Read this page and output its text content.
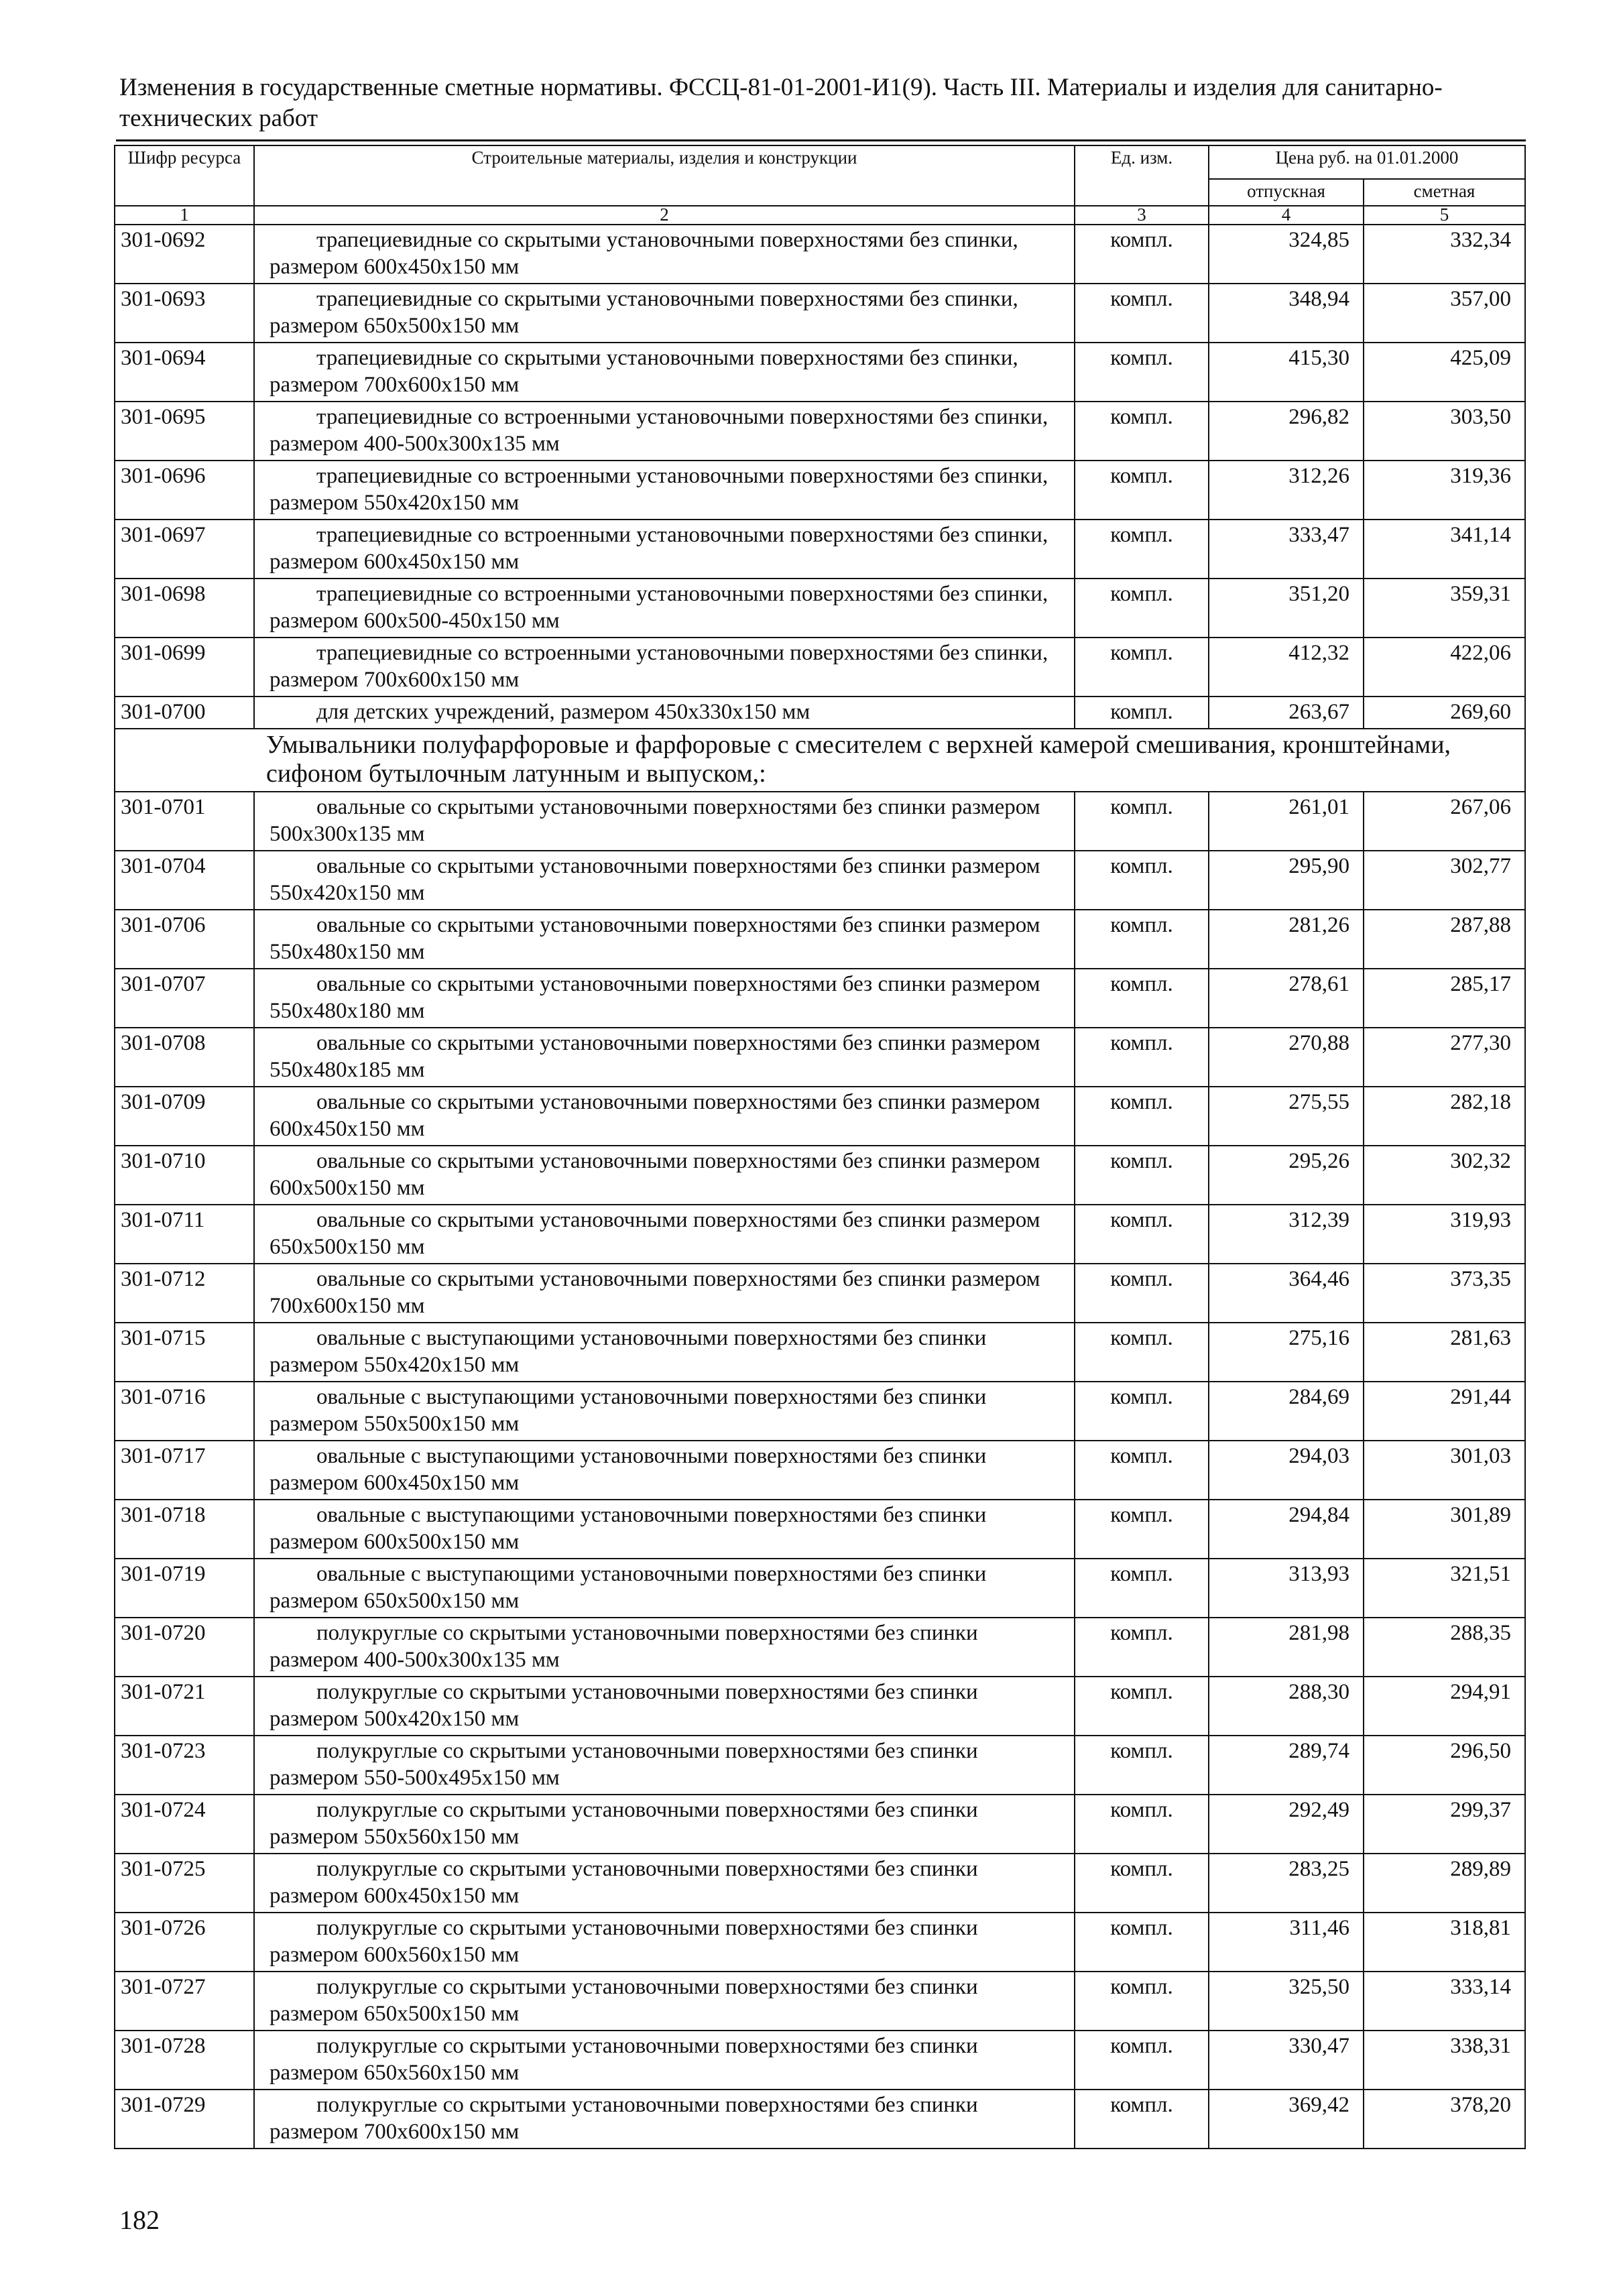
Изменения в государственные сметные нормативы. ФССЦ-81-01-2001-И1(9). Часть III. Материалы и изделия для санитарно-технических работ
Шифр ресурса	Строительные материалы, изделия и конструкции	Ед. изм.	Цена руб. на 01.01.2000	
			отпускная	сметная
1	2	3	4	5
301-0692	трапециевидные со скрытыми установочными поверхностями без спинки, размером 600х450х150 мм	компл.	324,85	332,34
301-0693	трапециевидные со скрытыми установочными поверхностями без спинки, размером 650х500х150 мм	компл.	348,94	357,00
301-0694	трапециевидные со скрытыми установочными поверхностями без спинки, размером 700х600х150 мм	компл.	415,30	425,09
301-0695	трапециевидные со встроенными установочными поверхностями без спинки, размером 400-500х300х135 мм	компл.	296,82	303,50
301-0696	трапециевидные со встроенными установочными поверхностями без спинки, размером 550х420х150 мм	компл.	312,26	319,36
301-0697	трапециевидные со встроенными установочными поверхностями без спинки, размером 600х450х150 мм	компл.	333,47	341,14
301-0698	трапециевидные со встроенными установочными поверхностями без спинки, размером 600х500-450х150 мм	компл.	351,20	359,31
301-0699	трапециевидные со встроенными установочными поверхностями без спинки, размером 700х600х150 мм	компл.	412,32	422,06
301-0700	для детских учреждений, размером 450х330х150 мм	компл.	263,67	269,60
Умывальники полуфарфоровые и фарфоровые с смесителем с верхней камерой смешивания, кронштейнами, сифоном бутылочным латунным и выпуском,:				
301-0701	овальные со скрытыми установочными поверхностями без спинки размером 500х300х135 мм	компл.	261,01	267,06
301-0704	овальные со скрытыми установочными поверхностями без спинки размером 550х420х150 мм	компл.	295,90	302,77
301-0706	овальные со скрытыми установочными поверхностями без спинки размером 550х480х150 мм	компл.	281,26	287,88
301-0707	овальные со скрытыми установочными поверхностями без спинки размером 550х480х180 мм	компл.	278,61	285,17
301-0708	овальные со скрытыми установочными поверхностями без спинки размером 550х480х185 мм	компл.	270,88	277,30
301-0709	овальные со скрытыми установочными поверхностями без спинки размером 600х450х150 мм	компл.	275,55	282,18
301-0710	овальные со скрытыми установочными поверхностями без спинки размером 600х500х150 мм	компл.	295,26	302,32
301-0711	овальные со скрытыми установочными поверхностями без спинки размером 650х500х150 мм	компл.	312,39	319,93
301-0712	овальные со скрытыми установочными поверхностями без спинки размером 700х600х150 мм	компл.	364,46	373,35
301-0715	овальные с выступающими установочными поверхностями без спинки размером 550х420х150 мм	компл.	275,16	281,63
301-0716	овальные с выступающими установочными поверхностями без спинки размером 550х500х150 мм	компл.	284,69	291,44
301-0717	овальные с выступающими установочными поверхностями без спинки размером 600х450х150 мм	компл.	294,03	301,03
301-0718	овальные с выступающими установочными поверхностями без спинки размером 600х500х150 мм	компл.	294,84	301,89
301-0719	овальные с выступающими установочными поверхностями без спинки размером 650х500х150 мм	компл.	313,93	321,51
301-0720	полукруглые со скрытыми установочными поверхностями без спинки размером 400-500х300х135 мм	компл.	281,98	288,35
301-0721	полукруглые со скрытыми установочными поверхностями без спинки размером 500х420х150 мм	компл.	288,30	294,91
301-0723	полукруглые со скрытыми установочными поверхностями без спинки размером 550-500х495х150 мм	компл.	289,74	296,50
301-0724	полукруглые со скрытыми установочными поверхностями без спинки размером 550х560х150 мм	компл.	292,49	299,37
301-0725	полукруглые со скрытыми установочными поверхностями без спинки размером 600х450х150 мм	компл.	283,25	289,89
301-0726	полукруглые со скрытыми установочными поверхностями без спинки размером 600х560х150 мм	компл.	311,46	318,81
301-0727	полукруглые со скрытыми установочными поверхностями без спинки размером 650х500х150 мм	компл.	325,50	333,14
301-0728	полукруглые со скрытыми установочными поверхностями без спинки размером 650х560х150 мм	компл.	330,47	338,31
301-0729	полукруглые со скрытыми установочными поверхностями без спинки размером 700х600х150 мм	компл.	369,42	378,20
182
